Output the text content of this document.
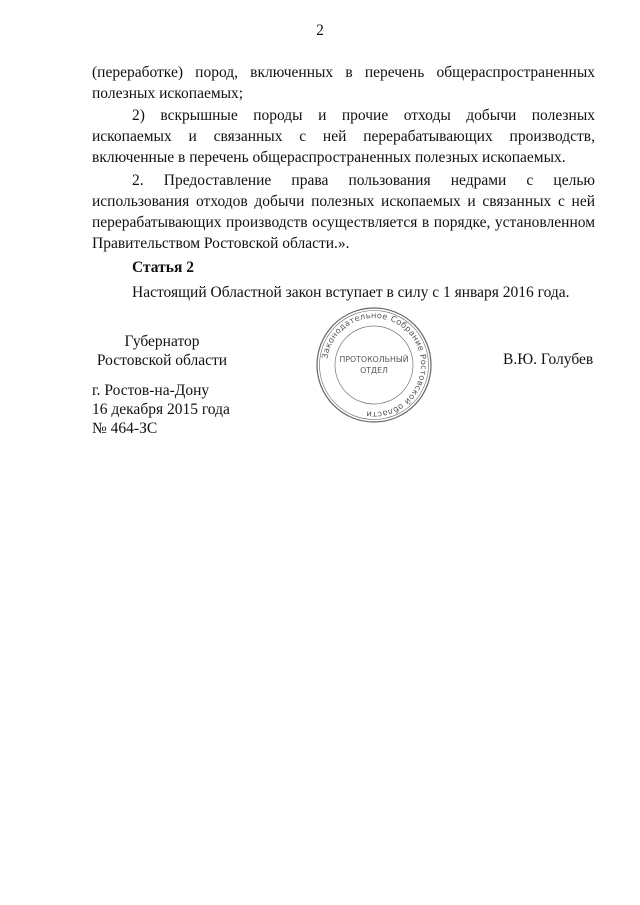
2

(переработке) пород, включенных в перечень общераспространенных полезных ископаемых;

2) вскрышные породы и прочие отходы добычи полезных ископаемых и связанных с ней перерабатывающих производств, включенные в перечень общераспространенных полезных ископаемых.

2. Предоставление права пользования недрами с целью использования отходов добычи полезных ископаемых и связанных с ней перерабатывающих производств осуществляется в порядке, установленном Правительством Ростовской области.».

Статья 2
Настоящий Областной закон вступает в силу с 1 января 2016 года.
Губернатор
Ростовской области	В.Ю. Голубев
г. Ростов-на-Дону
16 декабря 2015 года
№ 464-ЗС
Законодательное Собрание Ростовской области
ПРОТОКОЛЬНЫЙ
ОТДЕЛ
